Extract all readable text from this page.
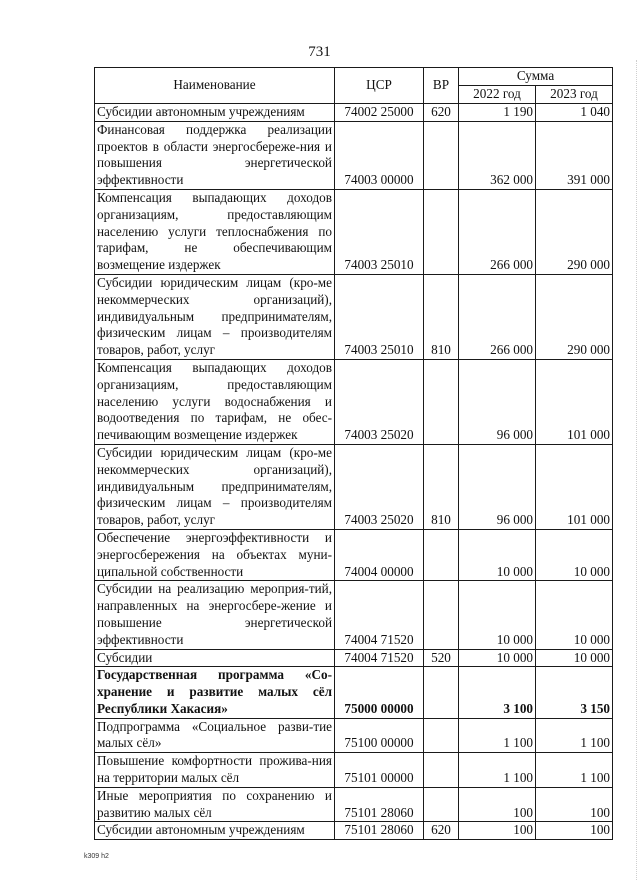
731
Наименование	ЦСР	ВР	Сумма	
			2022 год	2023 год
Субсидии автономным учреждениям	74002 25000	620	1 190	1 040
Финансовая поддержка реализации проектов в области энергосбереже-ния и повышения энергетической эффективности	74003 00000		362 000	391 000
Компенсация выпадающих доходов организациям, предоставляющим населению услуги теплоснабжения по тарифам, не обеспечивающим возмещение издержек	74003 25010		266 000	290 000
Субсидии юридическим лицам (кро-ме некоммерческих организаций), индивидуальным предпринимателям, физическим лицам – производителям товаров, работ, услуг	74003 25010	810	266 000	290 000
Компенсация выпадающих доходов организациям, предоставляющим населению услуги водоснабжения и водоотведения по тарифам, не обес-печивающим возмещение издержек	74003 25020		96 000	101 000
Субсидии юридическим лицам (кро-ме некоммерческих организаций), индивидуальным предпринимателям, физическим лицам – производителям товаров, работ, услуг	74003 25020	810	96 000	101 000
Обеспечение энергоэффективности и энергосбережения на объектах муни-ципальной собственности	74004 00000		10 000	10 000
Субсидии на реализацию мероприя-тий, направленных на энергосбере-жение и повышение энергетической эффективности	74004 71520		10 000	10 000
Субсидии	74004 71520	520	10 000	10 000
Государственная программа «Со-хранение и развитие малых сёл Республики Хакасия»	75000 00000		3 100	3 150
Подпрограмма «Социальное разви-тие малых сёл»	75100 00000		1 100	1 100
Повышение комфортности прожива-ния на территории малых сёл	75101 00000		1 100	1 100
Иные мероприятия по сохранению и развитию малых сёл	75101 28060		100	100
Субсидии автономным учреждениям	75101 28060	620	100	100
k309 h2
